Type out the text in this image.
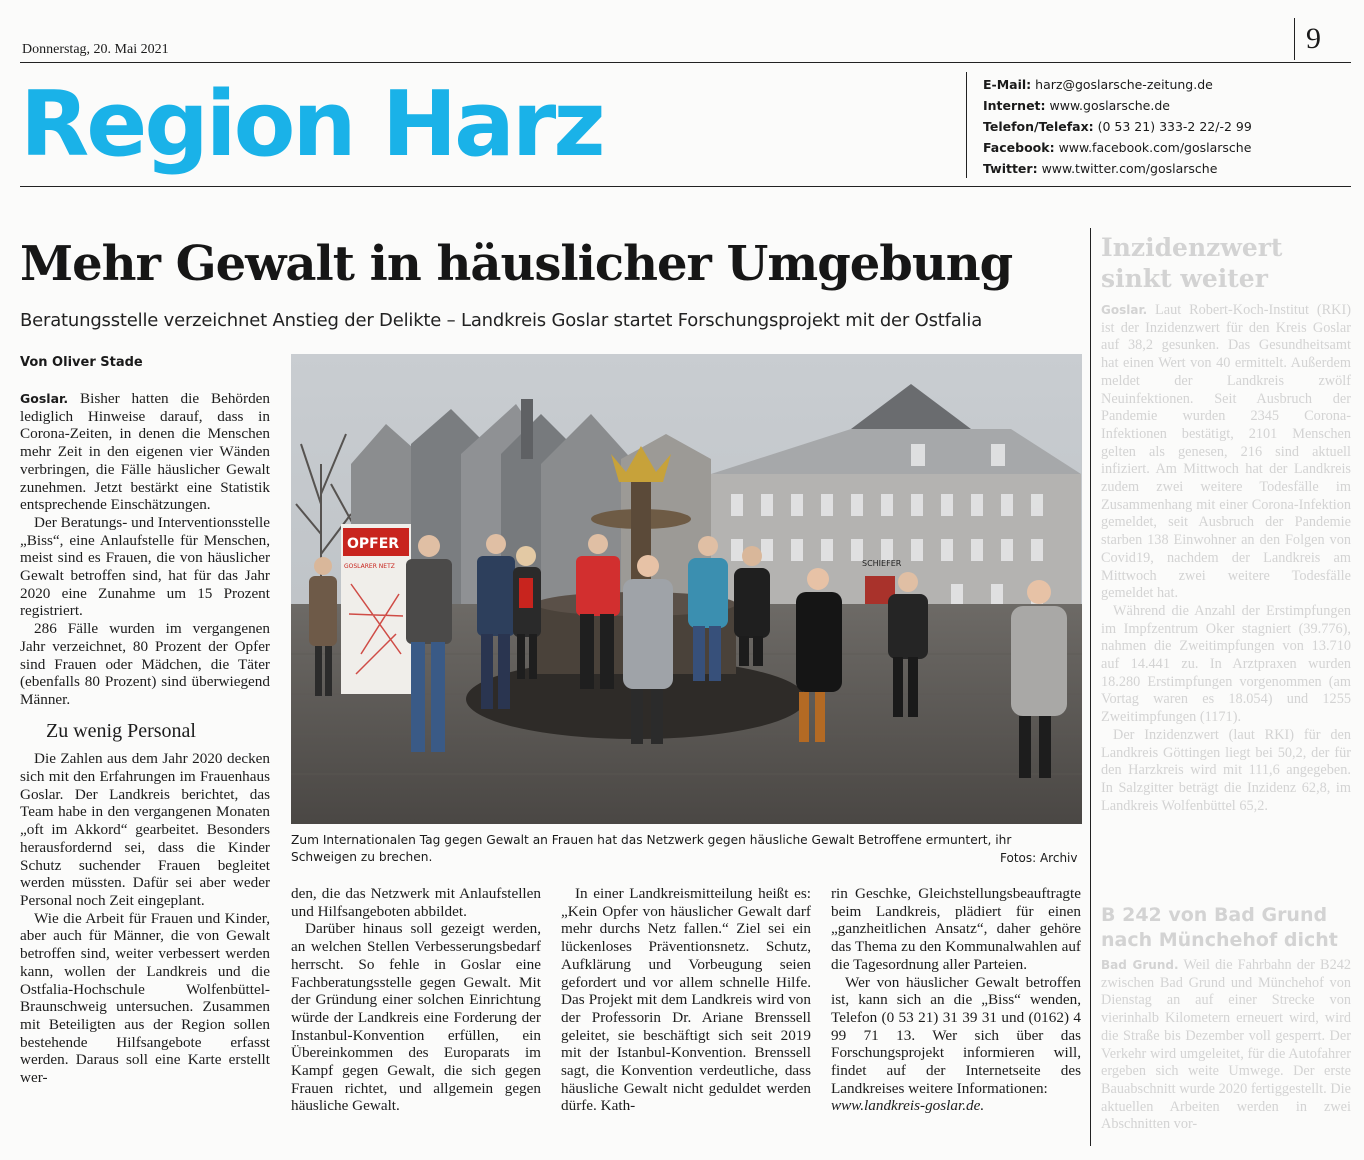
Donnerstag, 20. Mai 2021	9
Region Harz	E-Mail: harz@goslarsche-zeitung.de
Internet: www.goslarsche.de
Telefon/Telefax: (0 53 21) 333-2 22/-2 99
Facebook: www.facebook.com/goslarsche
Twitter: www.twitter.com/goslarsche
Mehr Gewalt in häuslicher Umgebung
Beratungsstelle verzeichnet Anstieg der Delikte – Landkreis Goslar startet Forschungsprojekt mit der Ostfalia
Von Oliver Stade

Goslar. Bisher hatten die Behörden lediglich Hinweise darauf, dass in Corona-Zeiten, in denen die Menschen mehr Zeit in den eigenen vier Wänden verbringen, die Fälle häuslicher Gewalt zunehmen. Jetzt bestärkt eine Statistik entsprechende Einschätzungen.

Der Beratungs- und Interventionsstelle „Biss“, eine Anlaufstelle für Menschen, meist sind es Frauen, die von häuslicher Gewalt betroffen sind, hat für das Jahr 2020 eine Zunahme um 15 Prozent registriert.

286 Fälle wurden im vergangenen Jahr verzeichnet, 80 Prozent der Opfer sind Frauen oder Mädchen, die Täter (ebenfalls 80 Prozent) sind überwiegend Männer.

Zu wenig Personal

Die Zahlen aus dem Jahr 2020 decken sich mit den Erfahrungen im Frauenhaus Goslar. Der Landkreis berichtet, das Team habe in den vergangenen Monaten „oft im Akkord“ gearbeitet. Besonders herausfordernd sei, dass die Kinder Schutz suchender Frauen begleitet werden müssten. Dafür sei aber weder Personal noch Zeit eingeplant.

Wie die Arbeit für Frauen und Kinder, aber auch für Männer, die von Gewalt betroffen sind, weiter verbessert werden kann, wollen der Landkreis und die Ostfalia-Hochschule Wolfenbüttel-Braunschweig untersuchen. Zusammen mit Beteiligten aus der Region sollen bestehende Hilfsangebote erfasst werden. Daraus soll eine Karte erstellt wer-

SCHIEFER
OPFER
GOSLARER NETZ
Zum Internationalen Tag gegen Gewalt an Frauen hat das Netzwerk gegen häusliche Gewalt Betroffene ermuntert, ihr Schweigen zu brechen.	Fotos: Archiv

den, die das Netzwerk mit Anlaufstellen und Hilfsangeboten abbildet.

Darüber hinaus soll gezeigt werden, an welchen Stellen Verbesserungsbedarf herrscht. So fehle in Goslar eine Fachberatungsstelle gegen Gewalt. Mit der Gründung einer solchen Einrichtung würde der Landkreis eine Forderung der Instanbul-Konvention erfüllen, ein Übereinkommen des Europarats im Kampf gegen Gewalt, die sich gegen Frauen richtet, und allgemein gegen häusliche Gewalt.

In einer Landkreismitteilung heißt es: „Kein Opfer von häuslicher Gewalt darf mehr durchs Netz fallen.“ Ziel sei ein lückenloses Präventionsnetz. Schutz, Aufklärung und Vorbeugung seien gefordert und vor allem schnelle Hilfe. Das Projekt mit dem Landkreis wird von der Professorin Dr. Ariane Brenssell geleitet, sie beschäftigt sich seit 2019 mit der Istanbul-Konvention. Brenssell sagt, die Konvention verdeutliche, dass häusliche Gewalt nicht geduldet werden dürfe. Kath-

rin Geschke, Gleichstellungsbeauftragte beim Landkreis, plädiert für einen „ganzheitlichen Ansatz“, daher gehöre das Thema zu den Kommunalwahlen auf die Tagesordnung aller Parteien.

Wer von häuslicher Gewalt betroffen ist, kann sich an die „Biss“ wenden, Telefon (0 53 21) 31 39 31 und (0162) 4 99 71 13. Wer sich über das Forschungsprojekt informieren will, findet auf der Internetseite des Landkreises weitere Informationen:

www.landkreis-goslar.de.

Inzidenzwert sinkt weiter

Goslar. Laut Robert-Koch-Institut (RKI) ist der Inzidenzwert für den Kreis Goslar auf 38,2 gesunken. Das Gesundheitsamt hat einen Wert von 40 ermittelt. Außerdem meldet der Landkreis zwölf Neuinfektionen. Seit Ausbruch der Pandemie wurden 2345 Corona-Infektionen bestätigt, 2101 Menschen gelten als genesen, 216 sind aktuell infiziert. Am Mittwoch hat der Landkreis zudem zwei weitere Todesfälle im Zusammenhang mit einer Corona-Infektion gemeldet, seit Ausbruch der Pandemie starben 138 Einwohner an den Folgen von Covid19, nachdem der Landkreis am Mittwoch zwei weitere Todesfälle gemeldet hat.

Während die Anzahl der Erstimpfungen im Impfzentrum Oker stagniert (39.776), nahmen die Zweitimpfungen von 13.710 auf 14.441 zu. In Arztpraxen wurden 18.280 Erstimpfungen vorgenommen (am Vortag waren es 18.054) und 1255 Zweitimpfungen (1171).

Der Inzidenzwert (laut RKI) für den Landkreis Göttingen liegt bei 50,2, der für den Harzkreis wird mit 111,6 angegeben. In Salzgitter beträgt die Inzidenz 62,8, im Landkreis Wolfenbüttel 65,2.

B 242 von Bad Grund nach Münchehof dicht

Bad Grund. Weil die Fahrbahn der B242 zwischen Bad Grund und Münchehof von Dienstag an auf einer Strecke von vierinhalb Kilometern erneuert wird, wird die Straße bis Dezember voll gesperrt. Der Verkehr wird umgeleitet, für die Autofahrer ergeben sich weite Umwege. Der erste Bauabschnitt wurde 2020 fertiggestellt. Die aktuellen Arbeiten werden in zwei Abschnitten vor-
